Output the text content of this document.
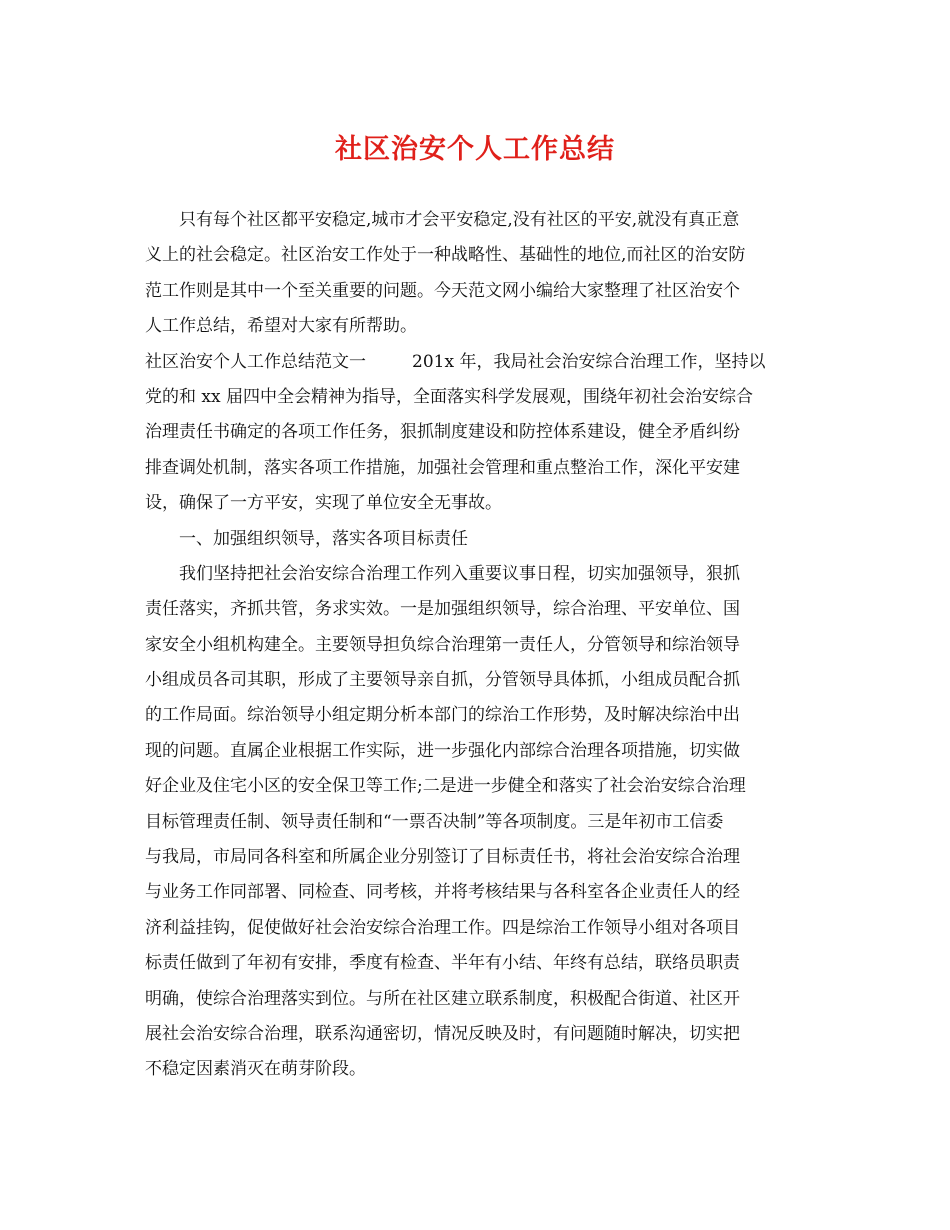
社区治安个人工作总结
只有每个社区都平安稳定,城市才会平安稳定,没有社区的平安,就没有真正意
义上的社会稳定。社区治安工作处于一种战略性、基础性的地位,而社区的治安防
范工作则是其中一个至关重要的问题。今天范文网小编给大家整理了社区治安个
人工作总结，希望对大家有所帮助。
社区治安个人工作总结范文一	201x 年，我局社会治安综合治理工作，坚持以
党的和 xx 届四中全会精神为指导，全面落实科学发展观，围绕年初社会治安综合
治理责任书确定的各项工作任务，狠抓制度建设和防控体系建设，健全矛盾纠纷
排查调处机制，落实各项工作措施，加强社会管理和重点整治工作，深化平安建
设，确保了一方平安，实现了单位安全无事故。
一、加强组织领导，落实各项目标责任
我们坚持把社会治安综合治理工作列入重要议事日程，切实加强领导，狠抓
责任落实，齐抓共管，务求实效。一是加强组织领导，综合治理、平安单位、国
家安全小组机构建全。主要领导担负综合治理第一责任人，分管领导和综治领导
小组成员各司其职，形成了主要领导亲自抓，分管领导具体抓，小组成员配合抓
的工作局面。综治领导小组定期分析本部门的综治工作形势，及时解决综治中出
现的问题。直属企业根据工作实际，进一步强化内部综合治理各项措施，切实做
好企业及住宅小区的安全保卫等工作;二是进一步健全和落实了社会治安综合治理
目标管理责任制、领导责任制和“一票否决制”等各项制度。三是年初市工信委
与我局，市局同各科室和所属企业分别签订了目标责任书，将社会治安综合治理
与业务工作同部署、同检查、同考核，并将考核结果与各科室各企业责任人的经
济利益挂钩，促使做好社会治安综合治理工作。四是综治工作领导小组对各项目
标责任做到了年初有安排，季度有检查、半年有小结、年终有总结，联络员职责
明确，使综合治理落实到位。与所在社区建立联系制度，积极配合街道、社区开
展社会治安综合治理，联系沟通密切，情况反映及时，有问题随时解决，切实把
不稳定因素消灭在萌芽阶段。
